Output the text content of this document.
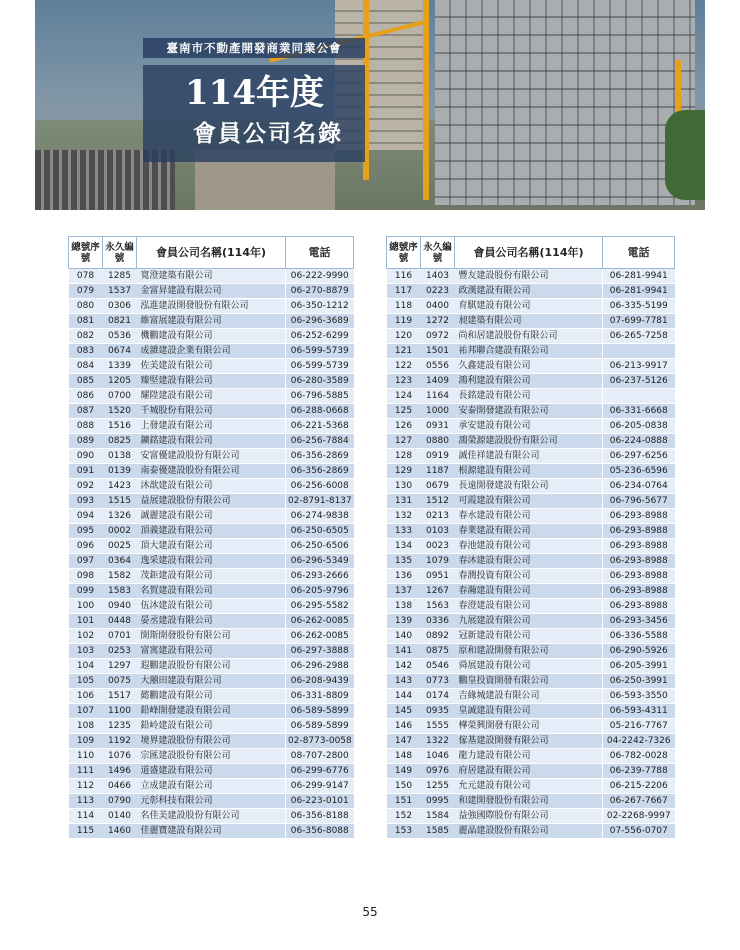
臺南市不動產開發商業同業公會
114年度
會員公司名錄
總號序號	永久編號	會員公司名稱(114年)	電話
078	1285	寬澄建築有限公司	06-222-9990
079	1537	金富昇建設有限公司	06-270-8879
080	0306	泓進建設開發股份有限公司	06-350-1212
081	0821	維富展建設有限公司	06-296-3689
082	0536	機鵬建設有限公司	06-252-6299
083	0674	成雜建設企業有限公司	06-599-5739
084	1339	佐美建設有限公司	06-599-5739
085	1205	臻堅建設有限公司	06-280-3589
086	0700	耀陞建設有限公司	06-796-5885
087	1520	千城股份有限公司	06-288-0668
088	1516	上發建設有限公司	06-221-5368
089	0825	鑛銘建設有限公司	06-256-7884
090	0138	安富優建設股份有限公司	06-356-2869
091	0139	南泰優建設股份有限公司	06-356-2869
092	1423	沐歆建設有限公司	06-256-6008
093	1515	益展建設股份有限公司	02-8791-8137
094	1326	誠麗建設有限公司	06-274-9838
095	0002	頂義建設有限公司	06-250-6505
096	0025	頂大建設有限公司	06-250-6506
097	0364	逸采建設有限公司	06-296-5349
098	1582	茂鉅建設有限公司	06-293-2666
099	1583	名賀建設有限公司	06-205-9796
100	0940	伍沐建設有限公司	06-295-5582
101	0448	晏丞建設有限公司	06-262-0085
102	0701	開斯開發股份有限公司	06-262-0085
103	0253	富寓建設有限公司	06-297-3888
104	1297	遐鵬建設股份有限公司	06-296-2988
105	0075	大囍田建設有限公司	06-208-9439
106	1517	懿鵬建設有限公司	06-331-8809
107	1100	鉛峰開發建設有限公司	06-589-5899
108	1235	鉛岭建設有限公司	06-589-5899
109	1192	境界建設股份有限公司	02-8773-0058
110	1076	宗匯建設股份有限公司	08-707-2800
111	1496	道盛建設有限公司	06-299-6776
112	0466	立成建設有限公司	06-299-9147
113	0790	元彰科技有限公司	06-223-0101
114	0140	名佳美建設股份有限公司	06-356-8188
115	1460	佳麗寶建設有限公司	06-356-8088
總號序號	永久編號	會員公司名稱(114年)	電話
116	1403	豐友建設股份有限公司	06-281-9941
117	0223	政漢建設有限公司	06-281-9941
118	0400	育騏建設有限公司	06-335-5199
119	1272	昶建築有限公司	07-699-7781
120	0972	尚和居建設股份有限公司	06-265-7258
121	1501	祐邦聯合建設有限公司	
122	0556	久鑫建設有限公司	06-213-9917
123	1409	鴻利建設有限公司	06-237-5126
124	1164	長銘建設有限公司	
125	1000	安泰開發建設有限公司	06-331-6668
126	0931	承安建設有限公司	06-205-0838
127	0880	鴻榮源建設股份有限公司	06-224-0888
128	0919	誠佳祥建設有限公司	06-297-6256
129	1187	根源建設有限公司	05-236-6596
130	0679	長遠開發建設有限公司	06-234-0764
131	1512	可霞建設有限公司	06-796-5677
132	0213	春水建設有限公司	06-293-8988
133	0103	春業建設有限公司	06-293-8988
134	0023	春池建設有限公司	06-293-8988
135	1079	春沐建設有限公司	06-293-8988
136	0951	春潤投資有限公司	06-293-8988
137	1267	春瀚建設有限公司	06-293-8988
138	1563	春澄建設有限公司	06-293-8988
139	0336	九展建設有限公司	06-293-3456
140	0892	冠新建設有限公司	06-336-5588
141	0875	原和建設開發有限公司	06-290-5926
142	0546	舜展建設有限公司	06-205-3991
143	0773	鵬皇投資開發有限公司	06-250-3991
144	0174	吉緣城建設有限公司	06-593-3550
145	0935	皇誠建設有限公司	06-593-4311
146	1555	樺榮興開發有限公司	05-216-7767
147	1322	傢基建設開發有限公司	04-2242-7326
148	1046	龍力建設有限公司	06-782-0028
149	0976	府居建設有限公司	06-239-7788
150	1255	允元建設有限公司	06-215-2206
151	0995	和建開發股份有限公司	06-267-7667
152	1584	益強國際股份有限公司	02-2268-9997
153	1585	麗晶建設股份有限公司	07-556-0707
55
